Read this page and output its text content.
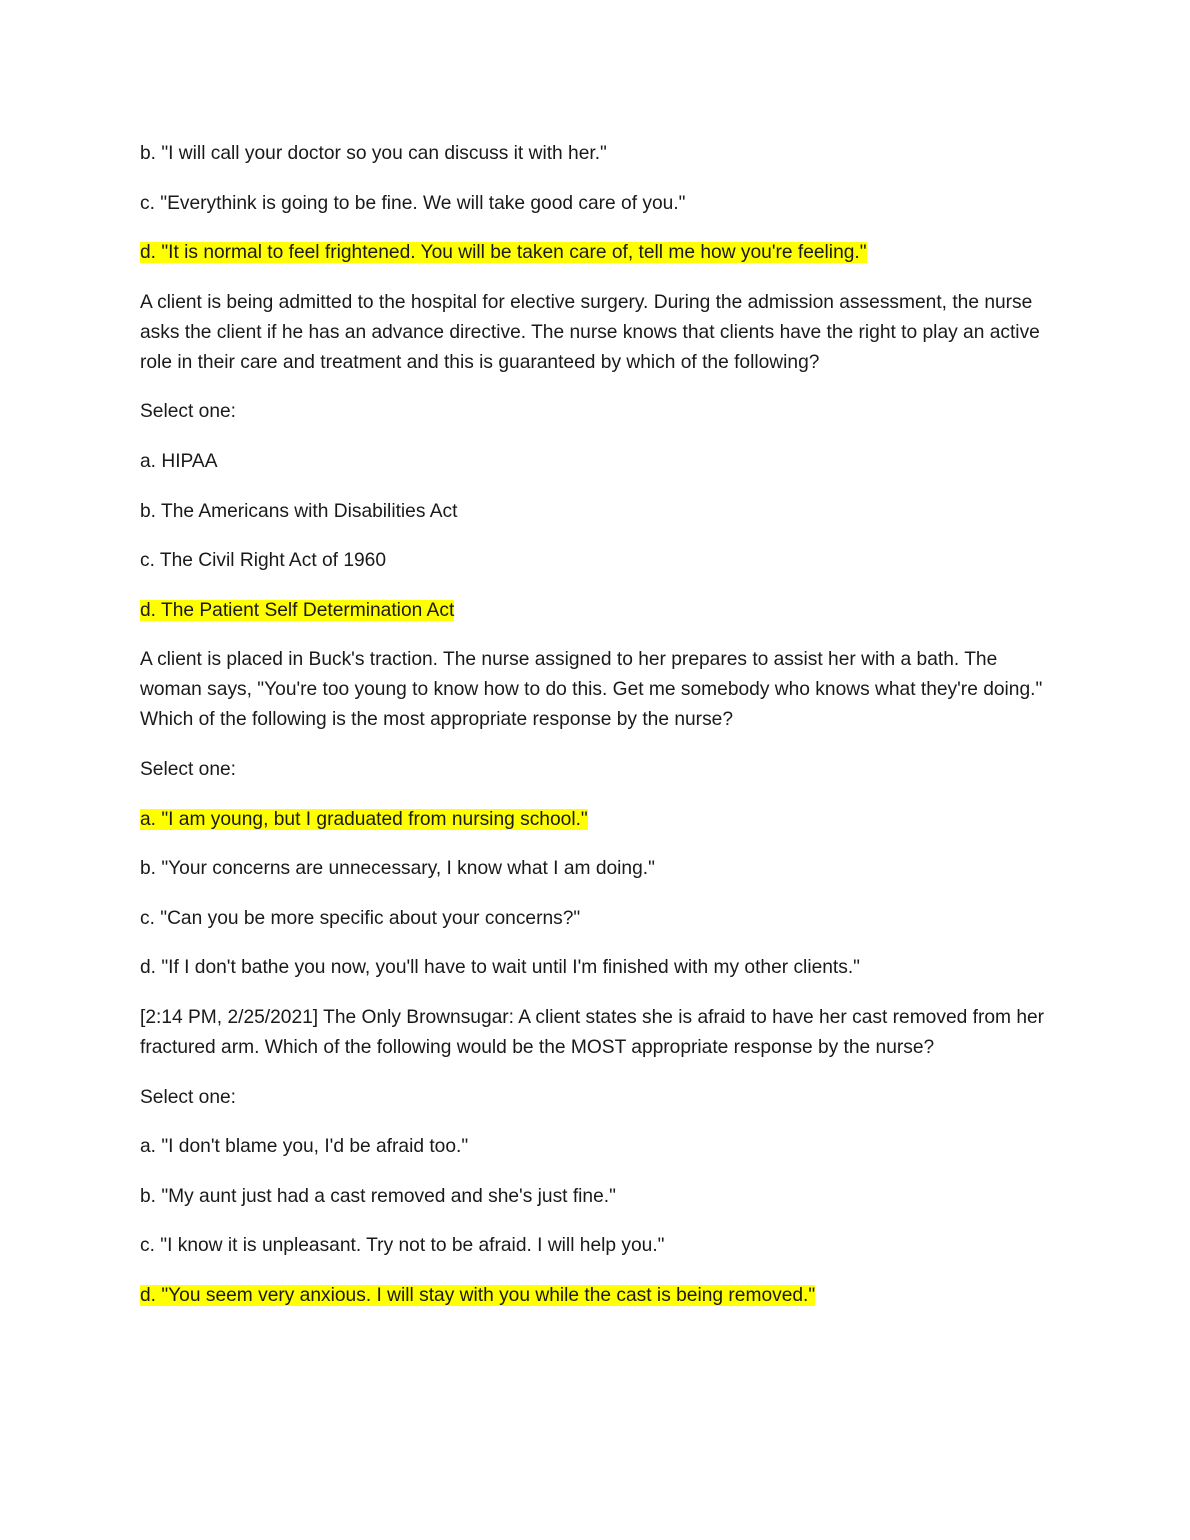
b. "I will call your doctor so you can discuss it with her."

c. "Everythink is going to be fine. We will take good care of you."

d. "It is normal to feel frightened. You will be taken care of, tell me how you're feeling."

A client is being admitted to the hospital for elective surgery. During the admission assessment, the nurse asks the client if he has an advance directive. The nurse knows that clients have the right to play an active role in their care and treatment and this is guaranteed by which of the following?

Select one:

a. HIPAA

b. The Americans with Disabilities Act

c. The Civil Right Act of 1960

d. The Patient Self Determination Act

A client is placed in Buck's traction. The nurse assigned to her prepares to assist her with a bath. The woman says, "You're too young to know how to do this. Get me somebody who knows what they're doing." Which of the following is the most appropriate response by the nurse?

Select one:

a. "I am young, but I graduated from nursing school."

b. "Your concerns are unnecessary, I know what I am doing."

c. "Can you be more specific about your concerns?"

d. "If I don't bathe you now, you'll have to wait until I'm finished with my other clients."

[2:14 PM, 2/25/2021] The Only Brownsugar: A client states she is afraid to have her cast removed from her fractured arm. Which of the following would be the MOST appropriate response by the nurse?

Select one:

a. "I don't blame you, I'd be afraid too."

b. "My aunt just had a cast removed and she's just fine."

c. "I know it is unpleasant. Try not to be afraid. I will help you."

d. "You seem very anxious. I will stay with you while the cast is being removed."
